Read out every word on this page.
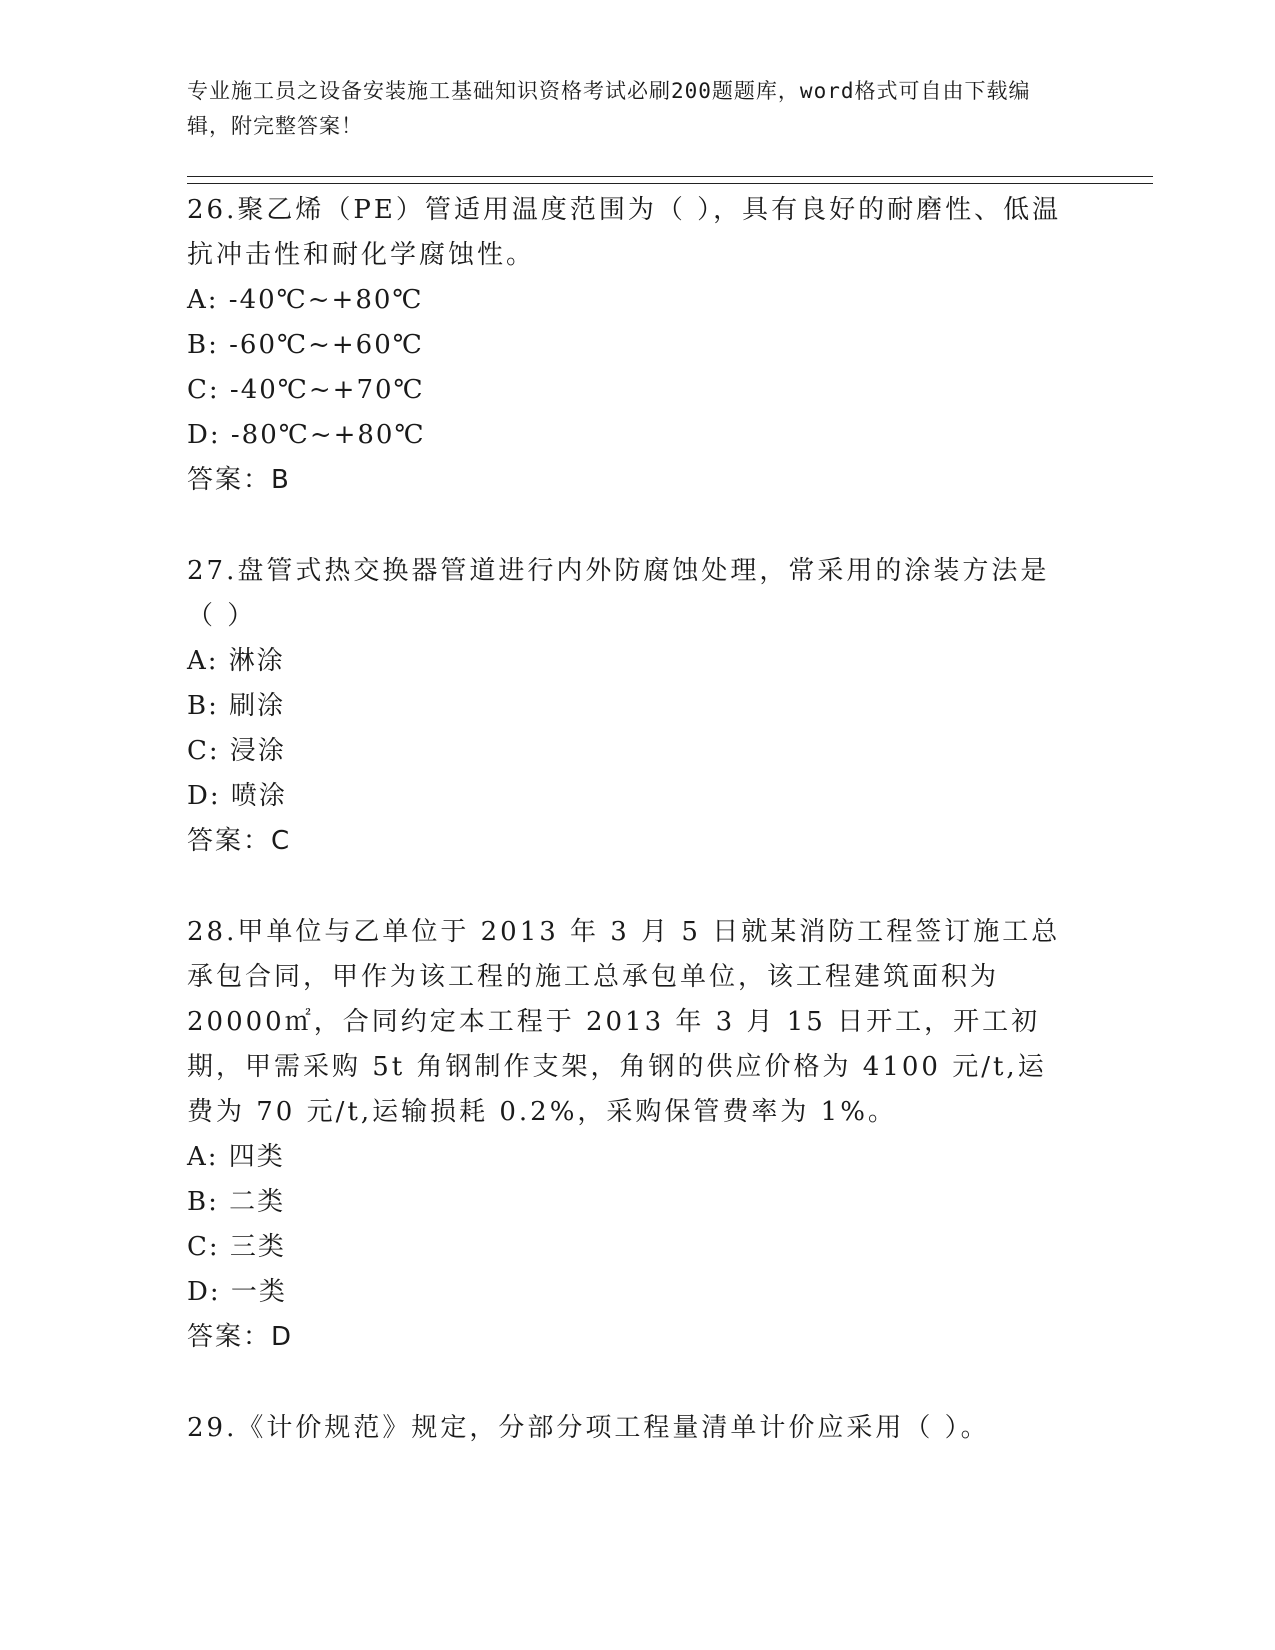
专业施工员之设备安装施工基础知识资格考试必刷200题题库，word格式可自由下载编辑，附完整答案！

26.聚乙烯（PE）管适用温度范围为（ ），具有良好的耐磨性、低温抗冲击性和耐化学腐蚀性。

A: -40℃~+80℃

B: -60℃~+60℃

C: -40℃~+70℃

D: -80℃~+80℃

答案：B

27.盘管式热交换器管道进行内外防腐蚀处理，常采用的涂装方法是（ ）

A: 淋涂

B: 刷涂

C: 浸涂

D: 喷涂

答案：C

28.甲单位与乙单位于 2013 年 3 月 5 日就某消防工程签订施工总承包合同，甲作为该工程的施工总承包单位，该工程建筑面积为 20000㎡，合同约定本工程于 2013 年 3 月 15 日开工，开工初期，甲需采购 5t 角钢制作支架，角钢的供应价格为 4100 元/t,运费为 70 元/t,运输损耗 0.2%，采购保管费率为 1%。

A: 四类

B: 二类

C: 三类

D: 一类

答案：D

29.《计价规范》规定，分部分项工程量清单计价应采用（ ）。
